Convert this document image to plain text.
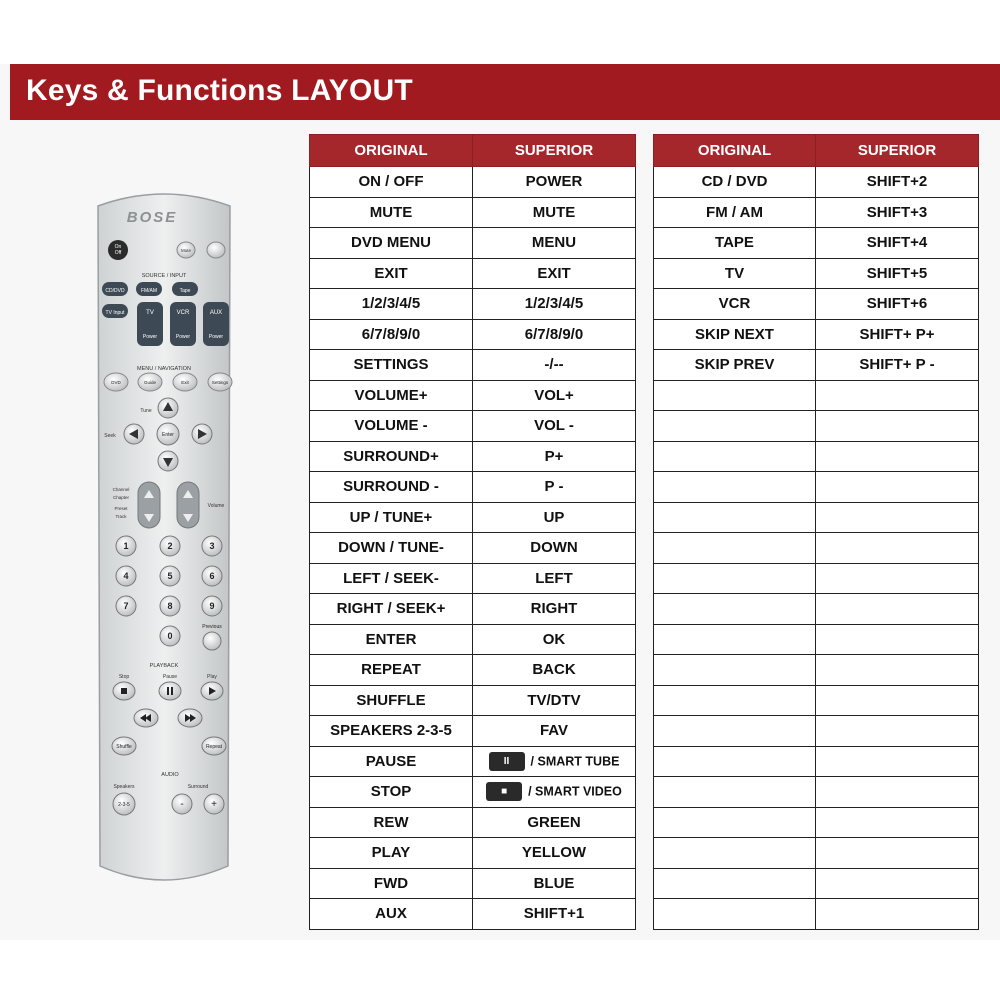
Keys & Functions LAYOUT
BOSE
On
Off	Mute
SOURCE / INPUT
CD/DVD	FM/AM	Tape
TV Input	TV
Power
VCR
Power
AUX
Power
MENU / NAVIGATION
DVD	Guide	Exit	Settings
Tune
Seek	Enter
Channel
Chapter
Preset
Track
Volume
1	2	3
4	5	6
7	8	9
0
Previous
PLAYBACK
Stop	Pause	Play
Shuffle	Repeat
AUDIO
Speakers
2-3-5
Surround
-	+
ORIGINAL	SUPERIOR
ON / OFF	POWER
MUTE	MUTE
DVD MENU	MENU
EXIT	EXIT
1/2/3/4/5	1/2/3/4/5
6/7/8/9/0	6/7/8/9/0
SETTINGS	-/--
VOLUME+	VOL+
VOLUME -	VOL -
SURROUND+	P+
SURROUND -	P -
UP / TUNE+	UP
DOWN / TUNE-	DOWN
LEFT / SEEK-	LEFT
RIGHT / SEEK+	RIGHT
ENTER	OK
REPEAT	BACK
SHUFFLE	TV/DTV
SPEAKERS 2-3-5	FAV
PAUSE	II / SMART TUBE
STOP	■ / SMART VIDEO
REW	GREEN
PLAY	YELLOW
FWD	BLUE
AUX	SHIFT+1
ORIGINAL	SUPERIOR
CD / DVD	SHIFT+2
FM / AM	SHIFT+3
TAPE	SHIFT+4
TV	SHIFT+5
VCR	SHIFT+6
SKIP NEXT	SHIFT+ P+
SKIP PREV	SHIFT+ P -
